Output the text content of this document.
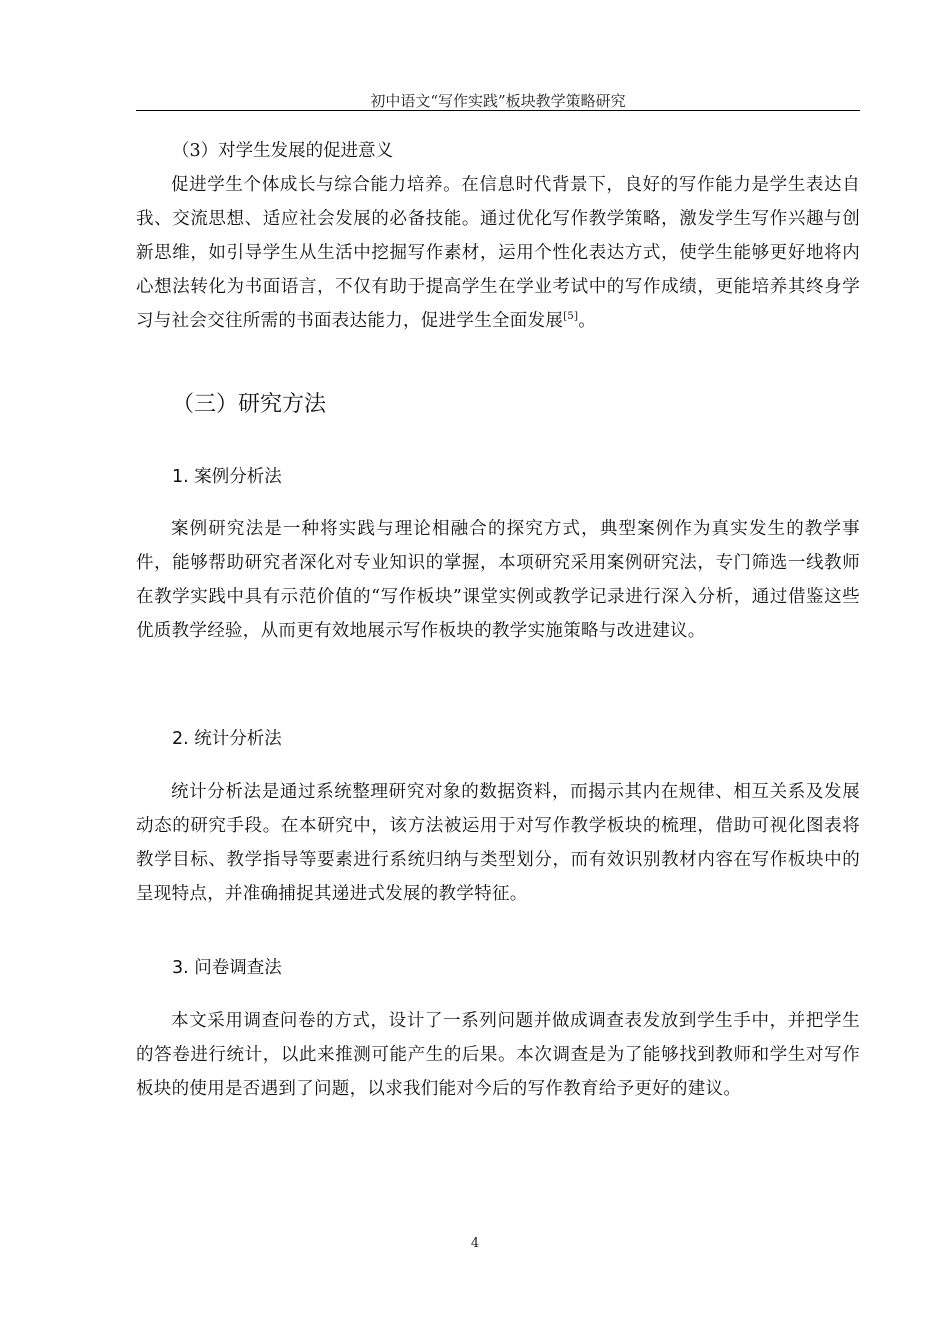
初中语文“写作实践”板块教学策略研究
（3）对学生发展的促进意义
促进学生个体成长与综合能力培养。在信息时代背景下，良好的写作能力是学生表达自我、交流思想、适应社会发展的必备技能。通过优化写作教学策略，激发学生写作兴趣与创新思维，如引导学生从生活中挖掘写作素材，运用个性化表达方式，使学生能够更好地将内心想法转化为书面语言，不仅有助于提高学生在学业考试中的写作成绩，更能培养其终身学习与社会交往所需的书面表达能力，促进学生全面发展[5]。
（三）研究方法
1. 案例分析法
案例研究法是一种将实践与理论相融合的探究方式，典型案例作为真实发生的教学事件，能够帮助研究者深化对专业知识的掌握，本项研究采用案例研究法，专门筛选一线教师在教学实践中具有示范价值的“写作板块”课堂实例或教学记录进行深入分析，通过借鉴这些优质教学经验，从而更有效地展示写作板块的教学实施策略与改进建议。
2. 统计分析法
统计分析法是通过系统整理研究对象的数据资料，而揭示其内在规律、相互关系及发展动态的研究手段。在本研究中，该方法被运用于对写作教学板块的梳理，借助可视化图表将教学目标、教学指导等要素进行系统归纳与类型划分，而有效识别教材内容在写作板块中的呈现特点，并准确捕捉其递进式发展的教学特征。
3. 问卷调查法
本文采用调查问卷的方式，设计了一系列问题并做成调查表发放到学生手中，并把学生的答卷进行统计，以此来推测可能产生的后果。本次调查是为了能够找到教师和学生对写作板块的使用是否遇到了问题，以求我们能对今后的写作教育给予更好的建议。
4
